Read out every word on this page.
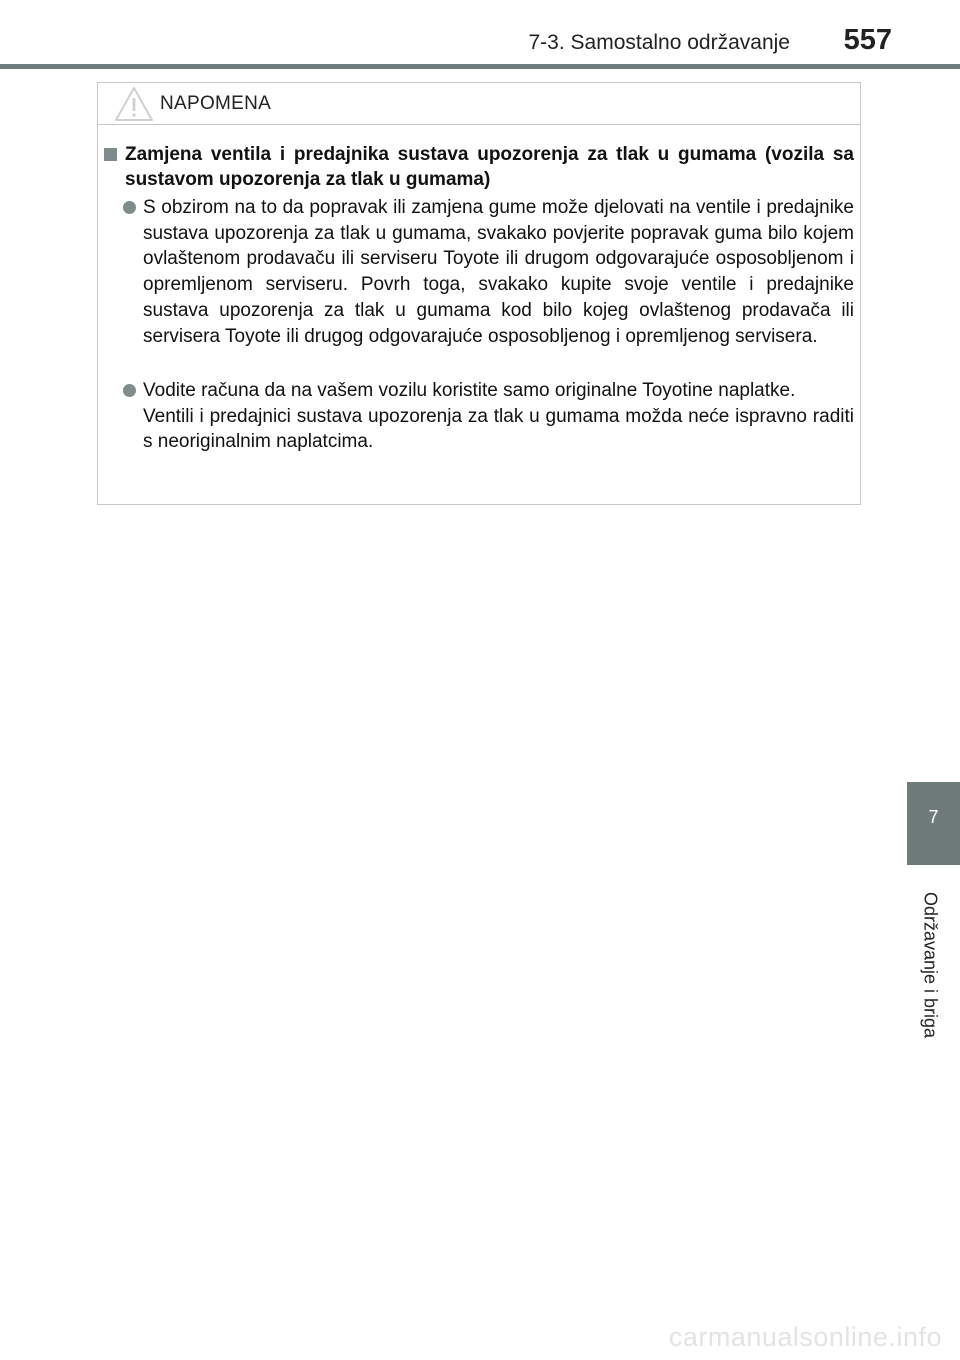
7-3. Samostalno održavanje 557
NAPOMENA
Zamjena ventila i predajnika sustava upozorenja za tlak u gumama (vozila sa sustavom upozorenja za tlak u gumama)
S obzirom na to da popravak ili zamjena gume može djelovati na ventile i predajnike sustava upozorenja za tlak u gumama, svakako povjerite popravak guma bilo kojem ovlaštenom prodavaču ili serviseru Toyote ili drugom odgovarajuće osposobljenom i opremljenom serviseru. Povrh toga, svakako kupite svoje ventile i predajnike sustava upozorenja za tlak u gumama kod bilo kojeg ovlaštenog prodavača ili servisera Toyote ili drugog odgovarajuće osposobljenog i opremljenog servisera.
Vodite računa da na vašem vozilu koristite samo originalne Toyotine naplatke.
Ventili i predajnici sustava upozorenja za tlak u gumama možda neće ispravno raditi s neoriginalnim naplatcima.
7
Održavanje i briga
carmanualsonline.info
